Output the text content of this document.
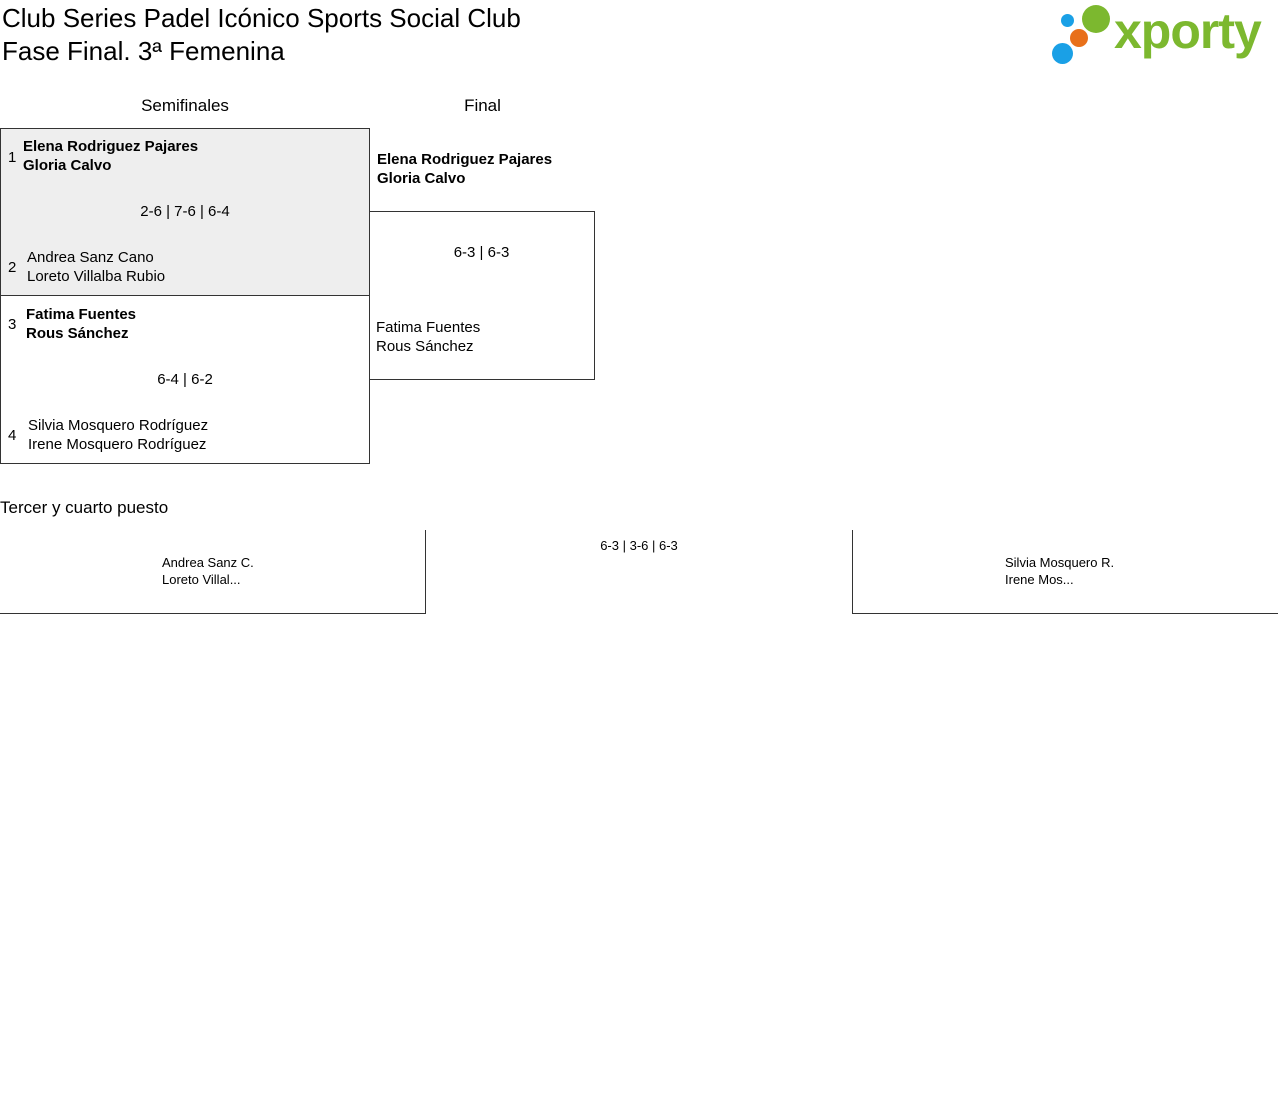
Club Series Padel Icónico Sports Social Club
Fase Final. 3ª Femenina	xporty
Semifinales	Final
1
Elena Rodriguez Pajares
Gloria Calvo
2-6 | 7-6 | 6-4
2
Andrea Sanz Cano
Loreto Villalba Rubio
3
Fatima Fuentes
Rous Sánchez
6-4 | 6-2
4
Silvia Mosquero Rodríguez
Irene Mosquero Rodríguez
Elena Rodriguez Pajares
Gloria Calvo
6-3 | 6-3
Fatima Fuentes
Rous Sánchez
Tercer y cuarto puesto
Andrea Sanz C.
Loreto Villal...
6-3 | 3-6 | 6-3
Silvia Mosquero R.
Irene Mos...
